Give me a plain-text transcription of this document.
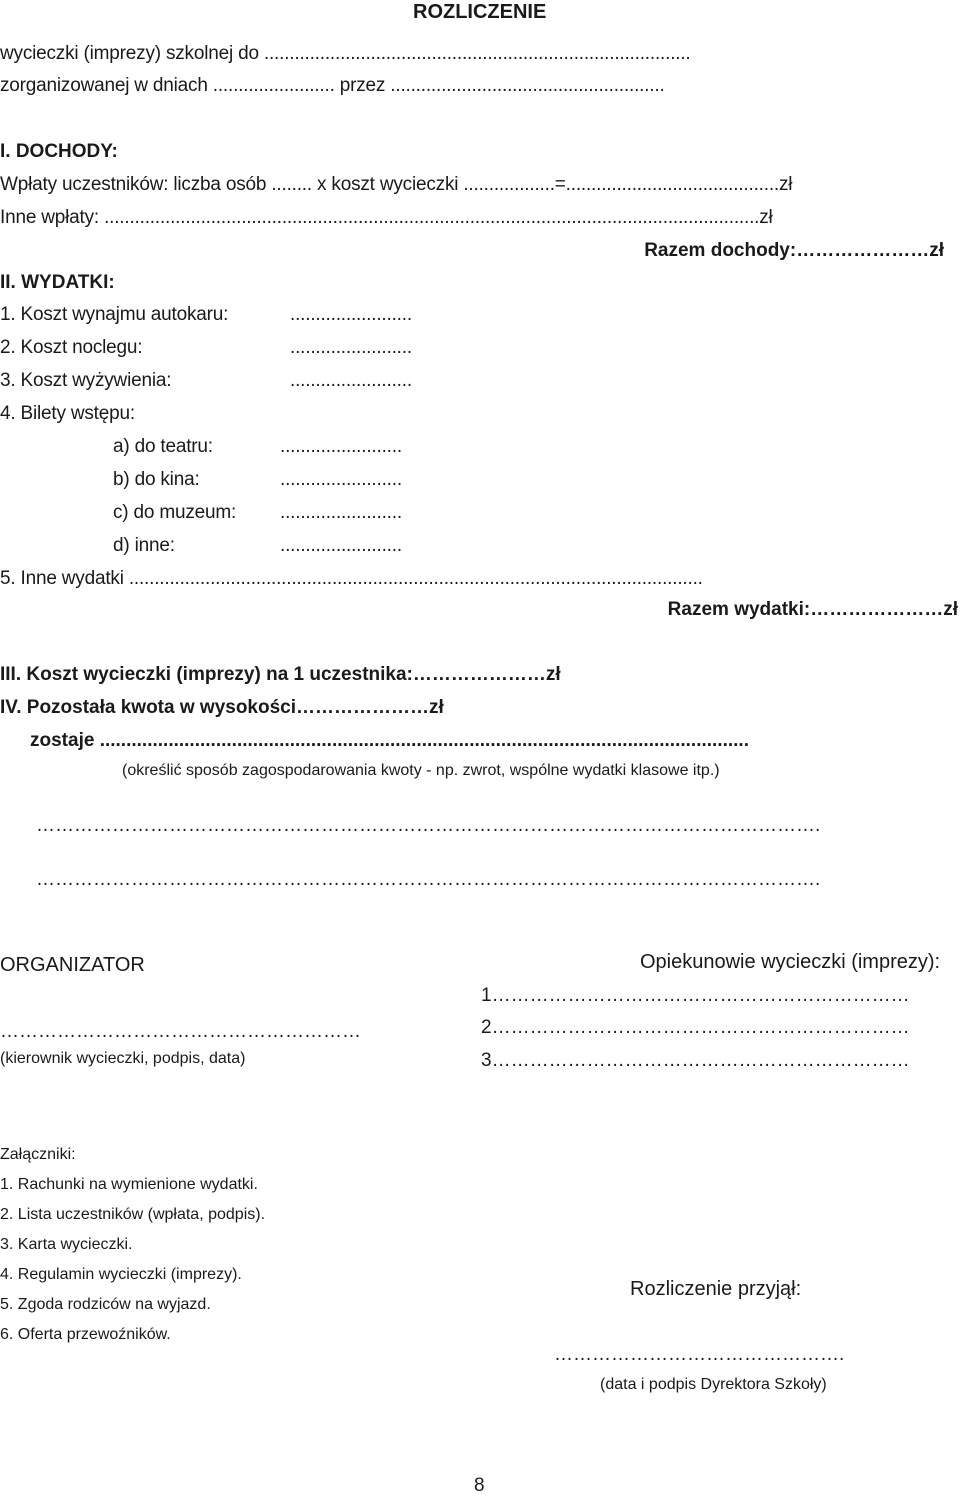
ROZLICZENIE
wycieczki (imprezy) szkolnej do ....................................................................................
zorganizowanej w dniach ........................ przez ......................................................
I. DOCHODY:
Wpłaty uczestników: liczba osób ........ x koszt wycieczki ..................=..........................................zł
Inne wpłaty: .................................................................................................................................zł
Razem dochody:…………………zł
II. WYDATKI:
1. Koszt wynajmu autokaru:	........................
2. Koszt noclegu:	........................
3. Koszt wyżywienia:	........................
4. Bilety wstępu:
a) do teatru:	........................
b) do kina:	........................
c) do muzeum: ........................
d) inne:	........................
5. Inne wydatki .................................................................................................................
Razem wydatki:…………………zł
III. Koszt wycieczki (imprezy) na 1 uczestnika:…………………zł
IV. Pozostała kwota w wysokości…………………zł
zostaje ...........................................................................................................................
(określić sposób zagospodarowania kwoty - np. zwrot, wspólne wydatki klasowe itp.)
…………………………………………………………………………………………………………….
…………………………………………………………………………………………………………….
ORGANIZATOR
…………………………………………………
(kierownik wycieczki, podpis, data)
Opiekunowie wycieczki (imprezy):
1…………………………………………………………
2…………………………………………………………
3…………………………………………………………
Załączniki:
1. Rachunki na wymienione wydatki.
2. Lista uczestników (wpłata, podpis).
3. Karta wycieczki.
4. Regulamin wycieczki (imprezy).
5. Zgoda rodziców na wyjazd.
6. Oferta przewoźników.
Rozliczenie przyjął:
……………………………………….
(data i podpis Dyrektora Szkoły)
8
